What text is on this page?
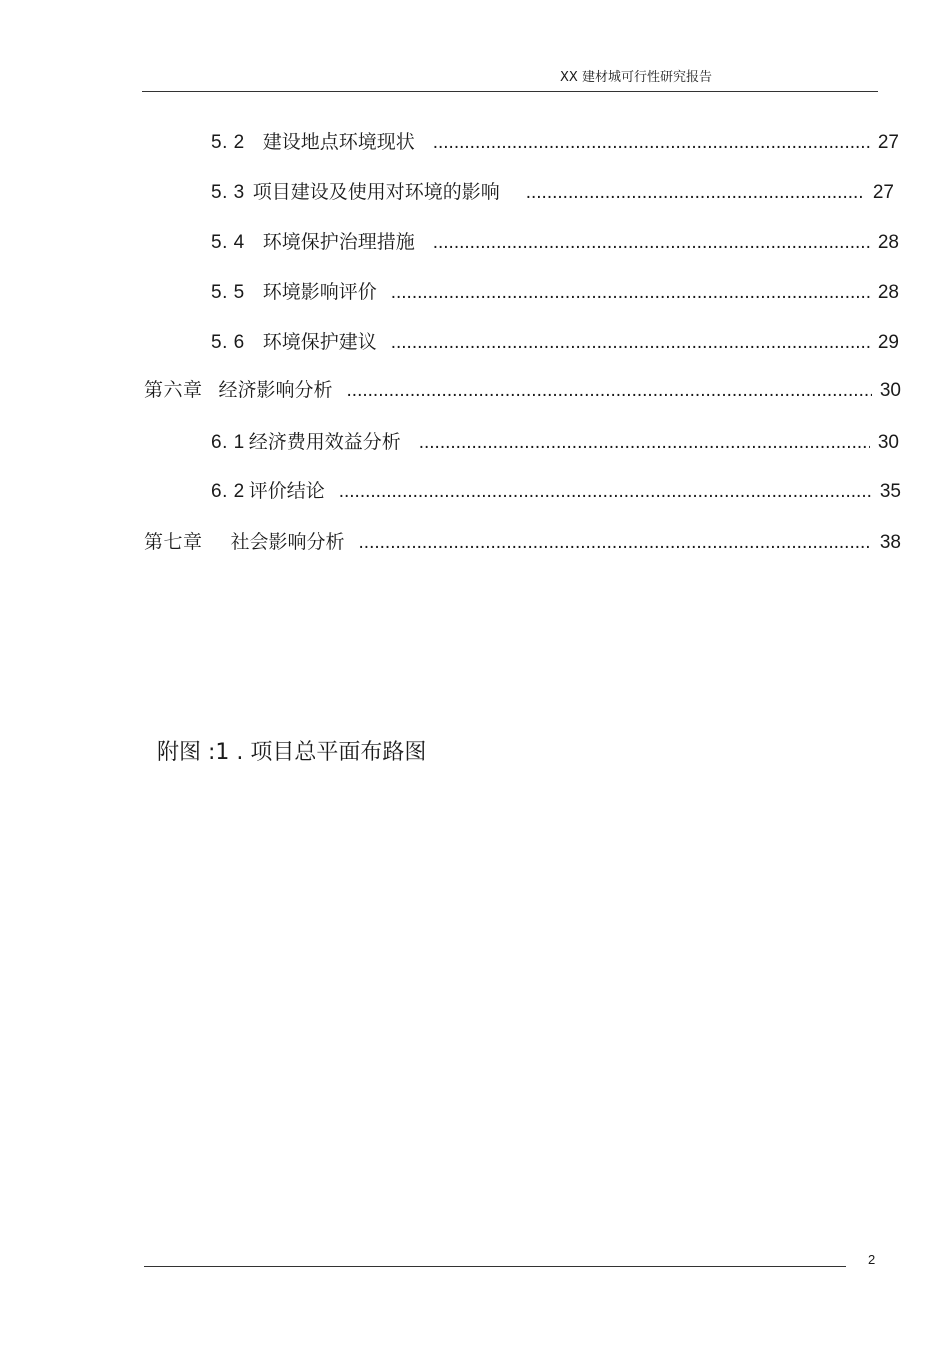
XX 建材城可行性研究报告
5. 2 建设地点环境现状 .....	27
5. 3 项目建设及使用对环境的影响 .....	27
5. 4 环境保护治理措施 .....	28
5. 5 环境影响评价 .....	28
5. 6 环境保护建议 .....	29
第六章 经济影响分析 .....	30
6. 1 经济费用效益分析 .....	30
6. 2 评价结论 .....	35
第七章 社会影响分析 .....	38
附图 :1 . 项目总平面布路图
2
